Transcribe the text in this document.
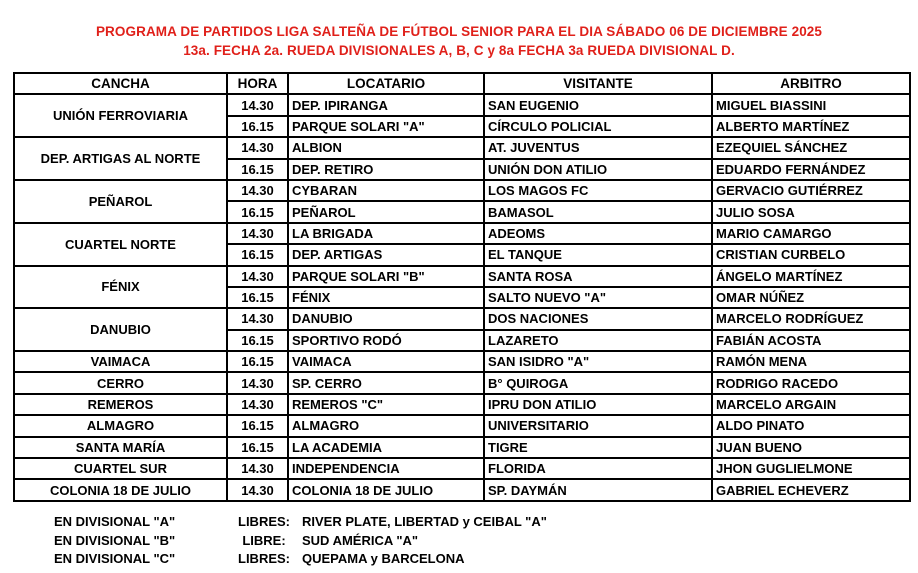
PROGRAMA DE PARTIDOS LIGA SALTEÑA DE FÚTBOL SENIOR PARA EL DIA SÁBADO 06 DE DICIEMBRE 2025
13a. FECHA 2a. RUEDA DIVISIONALES A, B, C y 8a FECHA 3a RUEDA DIVISIONAL D.
CANCHA	HORA	LOCATARIO	VISITANTE	ARBITRO
UNIÓN FERROVIARIA	14.30	DEP. IPIRANGA	SAN EUGENIO	MIGUEL BIASSINI
	16.15	PARQUE SOLARI "A"	CÍRCULO POLICIAL	ALBERTO MARTÍNEZ
DEP. ARTIGAS AL NORTE	14.30	ALBION	AT. JUVENTUS	EZEQUIEL SÁNCHEZ
	16.15	DEP. RETIRO	UNIÓN DON ATILIO	EDUARDO FERNÁNDEZ
PEÑAROL	14.30	CYBARAN	LOS MAGOS FC	GERVACIO GUTIÉRREZ
	16.15	PEÑAROL	BAMASOL	JULIO SOSA
CUARTEL NORTE	14.30	LA BRIGADA	ADEOMS	MARIO CAMARGO
	16.15	DEP. ARTIGAS	EL TANQUE	CRISTIAN CURBELO
FÉNIX	14.30	PARQUE SOLARI "B"	SANTA ROSA	ÁNGELO MARTÍNEZ
	16.15	FÉNIX	SALTO NUEVO "A"	OMAR NÚÑEZ
DANUBIO	14.30	DANUBIO	DOS NACIONES	MARCELO RODRÍGUEZ
	16.15	SPORTIVO RODÓ	LAZARETO	FABIÁN ACOSTA
VAIMACA	16.15	VAIMACA	SAN ISIDRO "A"	RAMÓN MENA
CERRO	14.30	SP. CERRO	B° QUIROGA	RODRIGO RACEDO
REMEROS	14.30	REMEROS "C"	IPRU DON ATILIO	MARCELO ARGAIN
ALMAGRO	16.15	ALMAGRO	UNIVERSITARIO	ALDO PINATO
SANTA MARÍA	16.15	LA ACADEMIA	TIGRE	JUAN BUENO
CUARTEL SUR	14.30	INDEPENDENCIA	FLORIDA	JHON GUGLIELMONE
COLONIA 18 DE JULIO	14.30	COLONIA 18 DE JULIO	SP. DAYMÁN	GABRIEL ECHEVERZ
EN DIVISIONAL "A"	LIBRES: RIVER PLATE, LIBERTAD y CEIBAL "A"
EN DIVISIONAL "B"	LIBRE:	SUD AMÉRICA "A"
EN DIVISIONAL "C"	LIBRES: QUEPAMA y BARCELONA
